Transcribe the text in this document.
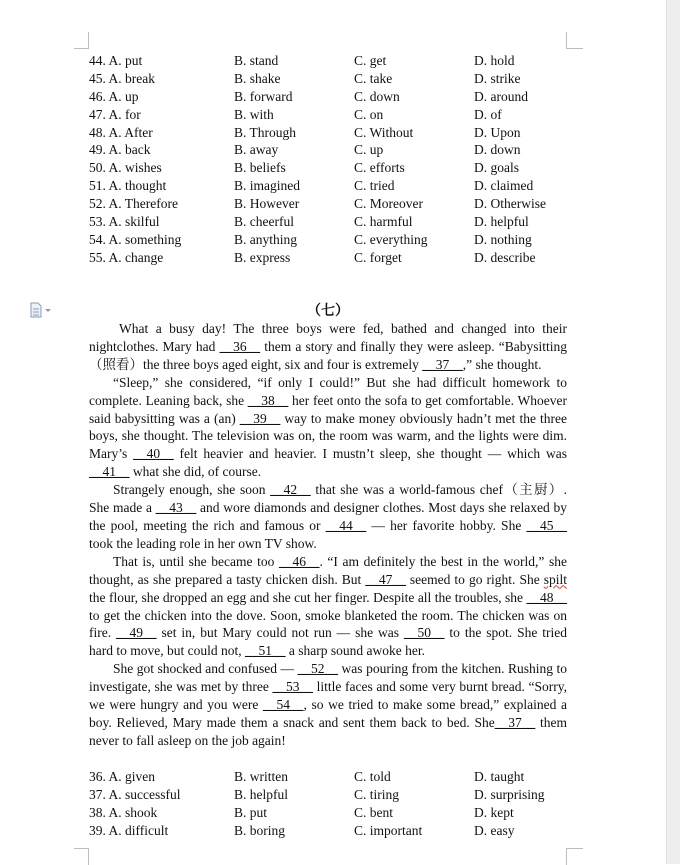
44. A. put	B. stand	C. get	D. hold
45. A. break	B. shake	C. take	D. strike
46. A. up	B. forward	C. down	D. around
47. A. for	B. with	C. on	D. of
48. A. After	B. Through	C. Without	D. Upon
49. A. back	B. away	C. up	D. down
50. A. wishes	B. beliefs	C. efforts	D. goals
51. A. thought	B. imagined	C. tried	D. claimed
52. A. Therefore	B. However	C. Moreover	D. Otherwise
53. A. skilful	B. cheerful	C. harmful	D. helpful
54. A. something	B. anything	C. everything	D. nothing
55. A. change	B. express	C. forget	D. describe
（七）

What a busy day! The three boys were fed, bathed and changed into their nightclothes. Mary had __36__ them a story and finally they were asleep. “Babysitting（照看）the three boys aged eight, six and four is extremely __37__,” she thought.

“Sleep,” she considered, “if only I could!” But she had difficult homework to complete. Leaning back, she __38__ her feet onto the sofa to get comfortable. Whoever said babysitting was a (an) __39__ way to make money obviously hadn’t met the three boys, she thought. The television was on, the room was warm, and the lights were dim. Mary’s __40__ felt heavier and heavier. I mustn’t sleep, she thought — which was __41__ what she did, of course.

Strangely enough, she soon __42__ that she was a world-famous chef（主厨）. She made a __43__ and wore diamonds and designer clothes. Most days she relaxed by the pool, meeting the rich and famous or __44__ — her favorite hobby. She __45__ took the leading role in her own TV show.

That is, until she became too __46__. “I am definitely the best in the world,” she thought, as she prepared a tasty chicken dish. But __47__ seemed to go right. She spilt the flour, she dropped an egg and she cut her finger. Despite all the troubles, she __48__ to get the chicken into the dove. Soon, smoke blanketed the room. The chicken was on fire. __49__ set in, but Mary could not run — she was __50__ to the spot. She tried hard to move, but could not, __51__ a sharp sound awoke her.

She got shocked and confused — __52__ was pouring from the kitchen. Rushing to investigate, she was met by three __53__ little faces and some very burnt bread. “Sorry, we were hungry and you were __54__, so we tried to make some bread,” explained a boy. Relieved, Mary made them a snack and sent them back to bed. She__37__ them never to fall asleep on the job again!

36. A. given	B. written	C. told	D. taught
37. A. successful	B. helpful	C. tiring	D. surprising
38. A. shook	B. put	C. bent	D. kept
39. A. difficult	B. boring	C. important	D. easy
